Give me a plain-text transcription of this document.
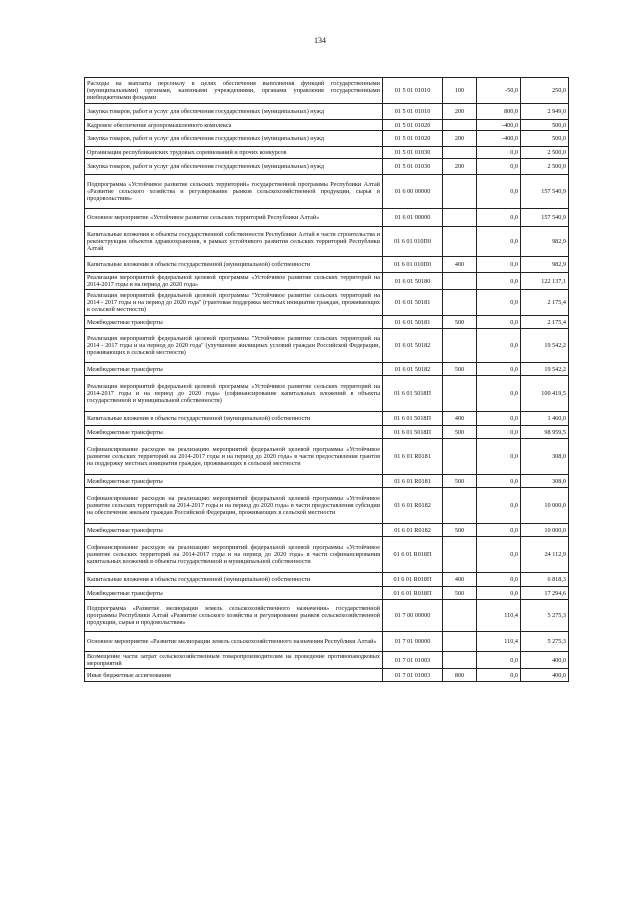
134
Расходы на выплаты персоналу в целях обеспечения выполнения функций государственными (муниципальными) органами, казенными учреждениями, органами управления государственными внебюджетными фондами	01 5 01 01010	100	-50,0	250,0
Закупка товаров, работ и услуг для обеспечения государственных (муниципальных) нужд	01 5 01 01010	200	800,0	2 949,0
Кадровое обеспечение агропромышленного комплекса	01 5 01 01020		-400,0	500,0
Закупка товаров, работ и услуг для обеспечения государственных (муниципальных) нужд	01 5 01 01020	200	-400,0	500,0
Организация республиканских трудовых соревнований и прочих конкурсов	01 5 01 01030		0,0	2 500,0
Закупка товаров, работ и услуг для обеспечения государственных (муниципальных) нужд	01 5 01 01030	200	0,0	2 500,0
Подпрограмма «Устойчивое развитие сельских территорий» государственной программы Республики Алтай «Развитие сельского хозяйства и регулирование рынков сельскохозяйственной продукции, сырья и продовольствия»	01 6 00 00000		0,0	157 540,9
Основное мероприятие «Устойчивое развитие сельских территорий Республики Алтай»	01 6 01 00000		0,0	157 540,9
Капитальные вложения в объекты государственной собственности Республики Алтай в части строительства и реконструкции объектов здравоохранения, в рамках устойчивого развития сельских территорий Республики Алтай	01 6 01 010П0		0,0	982,9
Капитальные вложения в объекты государственной (муниципальной) собственности	01 6 01 010П0	400	0,0	982,9
Реализация мероприятий федеральной целевой программы «Устойчивое развитие сельских территорий на 2014-2017 годы и на период до 2020 года»	01 6 01 50180		0,0	122 137,1
Реализация мероприятий федеральной целевой программы "Устойчивое развитие сельских территорий на 2014 - 2017 годы и на период до 2020 года" (грантовая поддержка местных инициатив граждан, проживающих в сельской местности)	01 6 01 50181		0,0	2 175,4
Межбюджетные трансферты	01 6 01 50181	500	0,0	2 175,4
Реализация мероприятий федеральной целевой программы "Устойчивое развитие сельских территорий на 2014 - 2017 годы и на период до 2020 года" (улучшение жилищных условий граждан Российской Федерации, проживающих в сельской местности)	01 6 01 50182		0,0	19 542,2
Межбюджетные трансферты	01 6 01 50182	500	0,0	19 542,2
Реализация мероприятий федеральной целевой программы «Устойчивое развитие сельских территорий на 2014-2017 годы и на период до 2020 года» (софинансирование капитальных вложений в объекты государственной и муниципальной собственности)	01 6 01 5018П		0,0	100 419,5
Капитальные вложения в объекты государственной (муниципальной) собственности	01 6 01 5018П	400	0,0	1 460,0
Межбюджетные трансферты	01 6 01 5018П	500	0,0	98 959,5
Софинансирование расходов на реализацию мероприятий федеральной целевой программы «Устойчивое развитие сельских территорий на 2014-2017 годы и на период до 2020 года» в части предоставления грантов на поддержку местных инициатив граждан, проживающих в сельской местности	01 6 01 R0181		0,0	308,0
Межбюджетные трансферты	01 6 01 R0181	500	0,0	308,0
Софинансирование расходов на реализацию мероприятий федеральной целевой программы «Устойчивое развитие сельских территорий на 2014-2017 годы и на период до 2020 года» в части предоставления субсидии на обеспечение жильем граждан Российской Федерации, проживающих в сельской местности	01 6 01 R0182		0,0	10 000,0
Межбюджетные трансферты	01 6 01 R0182	500	0,0	10 000,0
Софинансирование расходов на реализацию мероприятий федеральной целевой программы «Устойчивое развитие сельских территорий на 2014-2017 годы и на период до 2020 года» в части софинансирования капитальных вложений в объекты государственной и муниципальной собственности	01 6 01 R018П		0,0	24 112,9
Капитальные вложения в объекты государственной (муниципальной) собственности	01 6 01 R018П	400	0,0	6 818,3
Межбюджетные трансферты	01 6 01 R018П	500	0,0	17 294,6
Подпрограмма «Развитие мелиорации земель сельскохозяйственного назначения» государственной программы Республики Алтай «Развитие сельского хозяйства и регулирование рынков сельскохозяйственной продукции, сырья и продовольствия»	01 7 00 00000		110,4	5 275,3
Основное мероприятие «Развитие мелиорации земель сельскохозяйственного назначения Республики Алтай»	01 7 01 00000		110,4	5 275,3
Возмещение части затрат сельскохозяйственным товаропроизводителям на проведение противопаводковых мероприятий	01 7 01 01003		0,0	400,0
Иные бюджетные ассигнования	01 7 01 01003	800	0,0	400,0
